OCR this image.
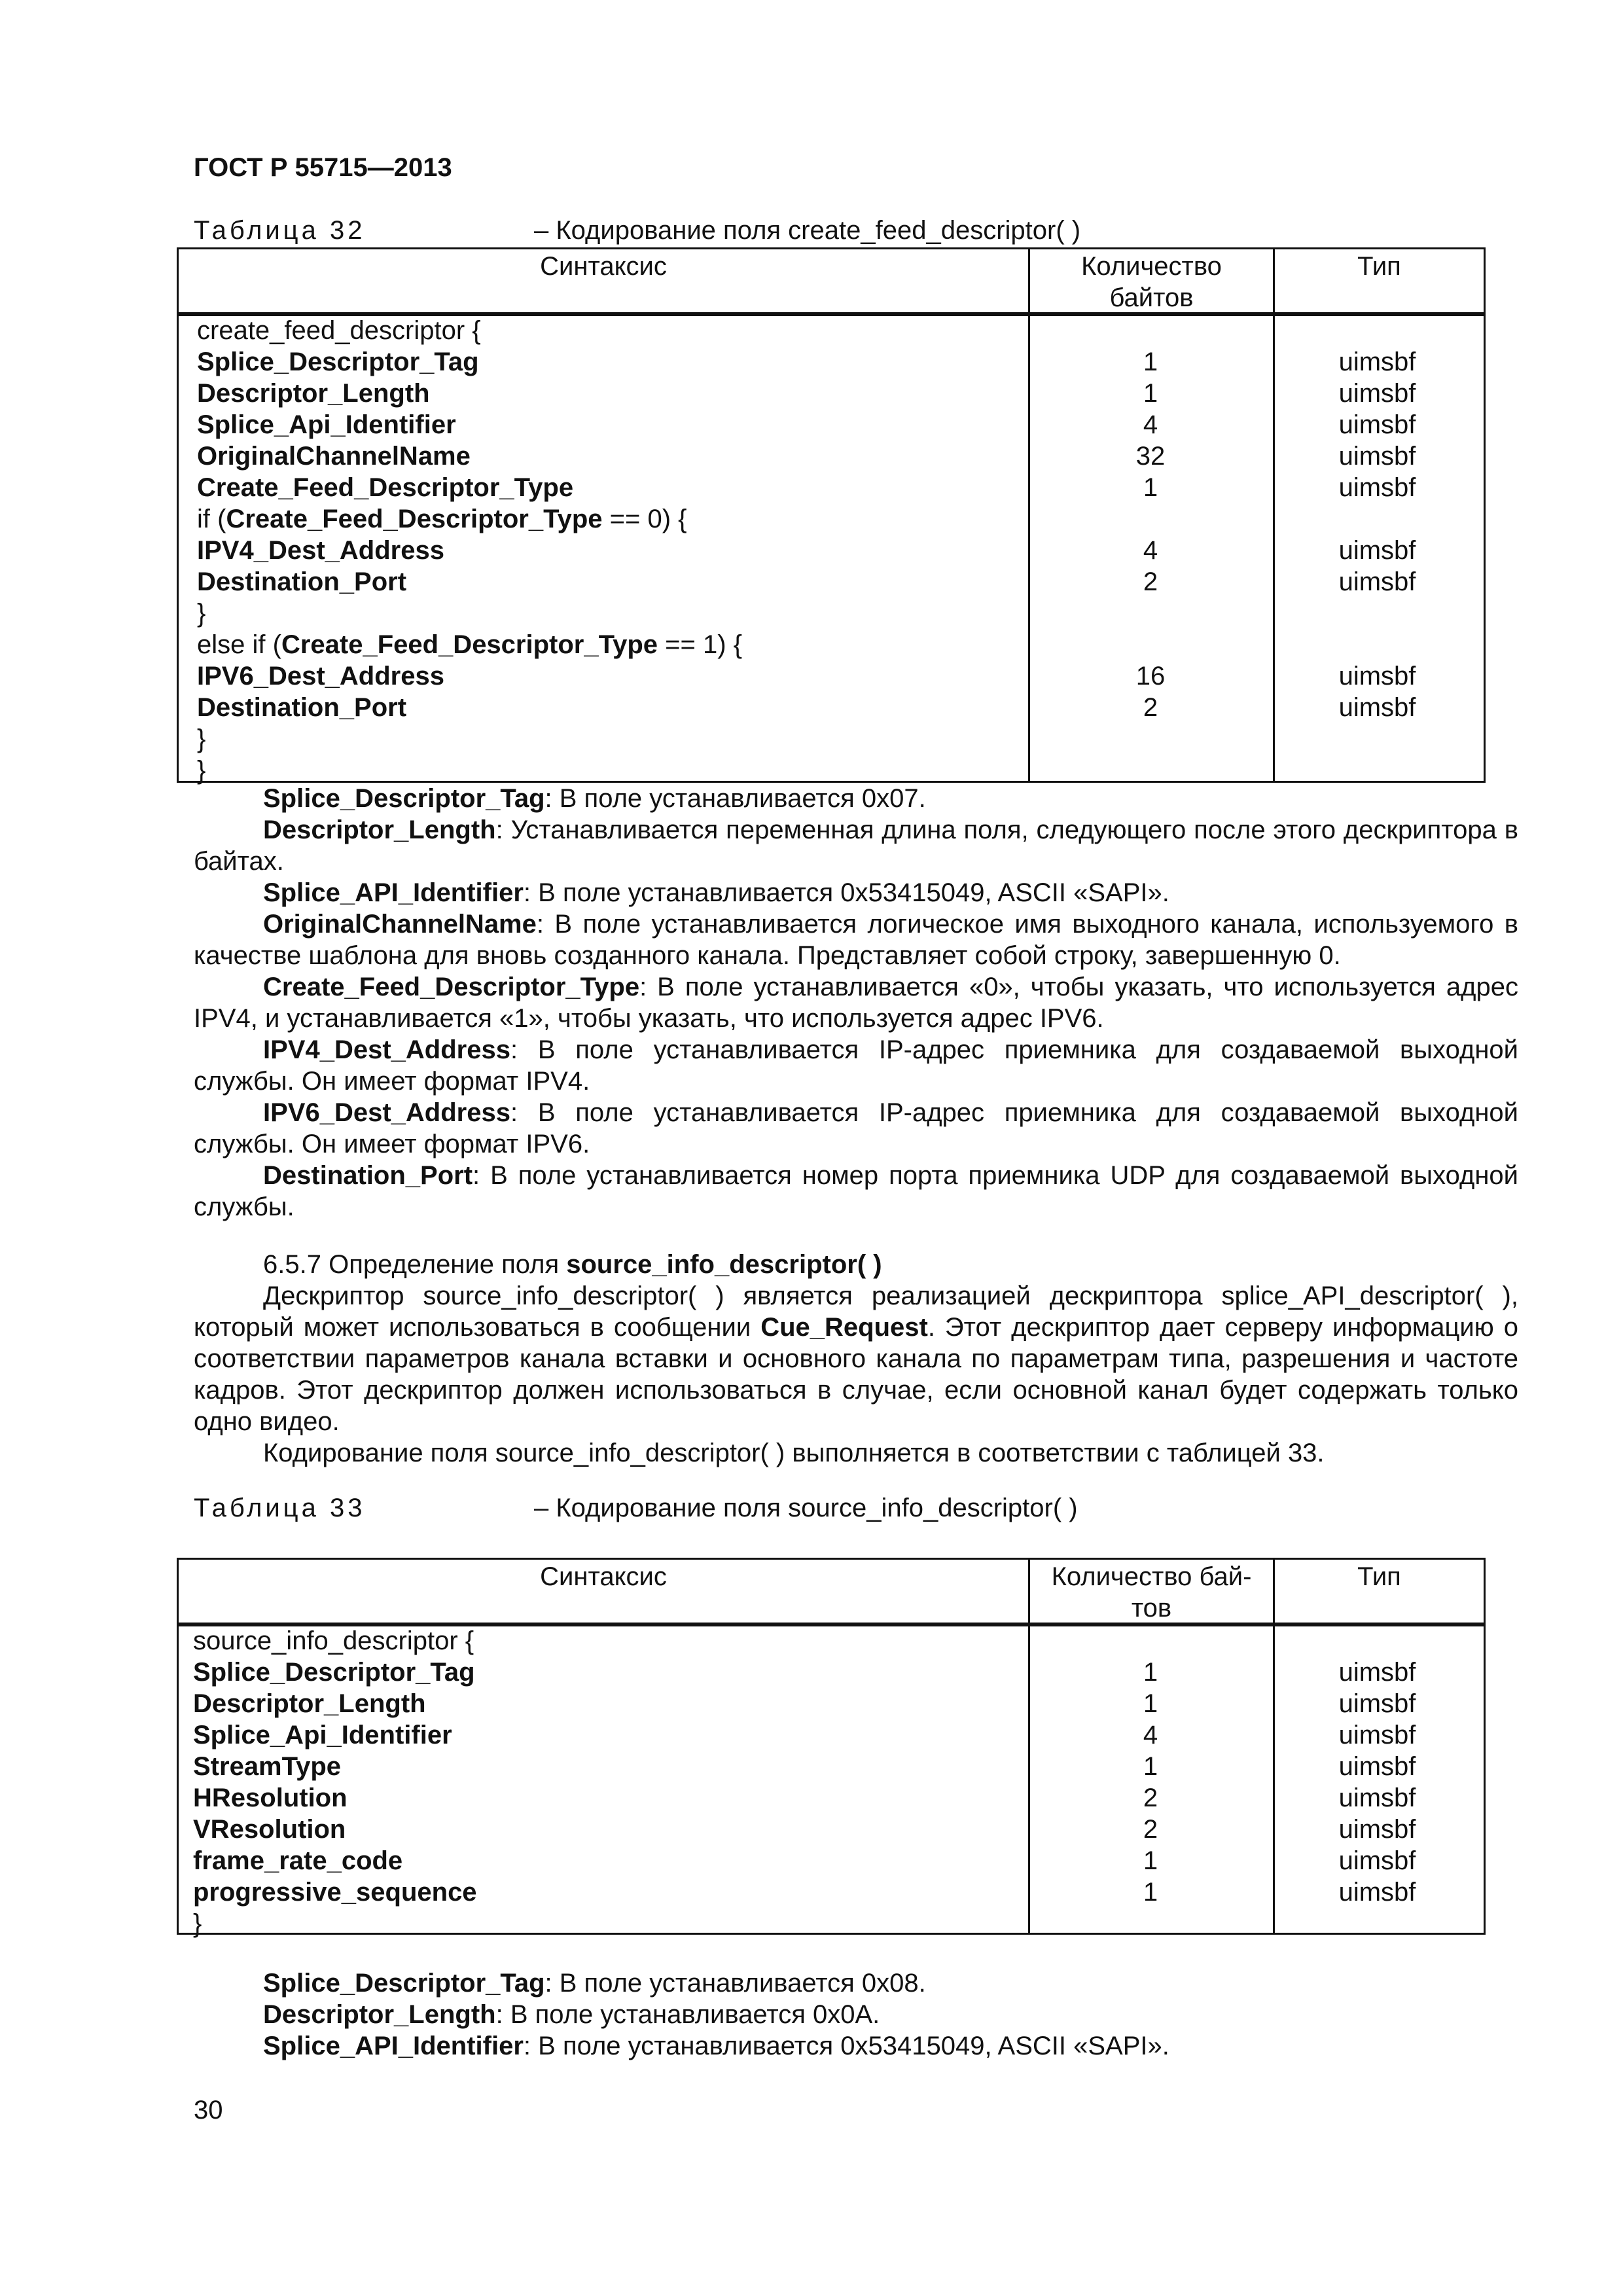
ГОСТ Р 55715—2013
Таблица 32	– Кодирование поля create_feed_descriptor( )
Синтаксис	Количество
байтов
Тип
create_feed_descriptor {
Splice_Descriptor_Tag	1	uimsbf
Descriptor_Length	1	uimsbf
Splice_Api_Identifier	4	uimsbf
OriginalChannelName	32	uimsbf
Create_Feed_Descriptor_Type	1	uimsbf
if (Create_Feed_Descriptor_Type == 0) {
IPV4_Dest_Address	4	uimsbf
Destination_Port	2	uimsbf
}
else if (Create_Feed_Descriptor_Type == 1) {
IPV6_Dest_Address	16	uimsbf
Destination_Port	2	uimsbf
}
}

Splice_Descriptor_Tag: В поле устанавливается 0x07.

Descriptor_Length: Устанавливается переменная длина поля, следующего после этого дескриптора в байтах.

Splice_API_Identifier: В поле устанавливается 0x53415049, ASCII «SAPI».

OriginalChannelName: В поле устанавливается логическое имя выходного канала, используемого в качестве шаблона для вновь созданного канала. Представляет собой строку, завершенную 0.

Create_Feed_Descriptor_Type: В поле устанавливается «0», чтобы указать, что используется адрес IPV4, и устанавливается «1», чтобы указать, что используется адрес IPV6.

IPV4_Dest_Address: В поле устанавливается IP-адрес приемника для создаваемой выходной службы. Он имеет формат IPV4.

IPV6_Dest_Address: В поле устанавливается IP-адрес приемника для создаваемой выходной службы. Он имеет формат IPV6.

Destination_Port: В поле устанавливается номер порта приемника UDP для создаваемой выходной службы.

6.5.7 Определение поля source_info_descriptor( )

Дескриптор source_info_descriptor( ) является реализацией дескриптора splice_API_descriptor( ), который может использоваться в сообщении Cue_Request. Этот дескриптор дает серверу информацию о соответствии параметров канала вставки и основного канала по параметрам типа, разрешения и частоте кадров. Этот дескриптор должен использоваться в случае, если основной канал будет содержать только одно видео.

Кодирование поля source_info_descriptor( ) выполняется в соответствии с таблицей 33.

Таблица 33	– Кодирование поля source_info_descriptor( )
Синтаксис	Количество бай-
тов
Тип
source_info_descriptor {
Splice_Descriptor_Tag	1	uimsbf
Descriptor_Length	1	uimsbf
Splice_Api_Identifier	4	uimsbf
StreamType	1	uimsbf
HResolution	2	uimsbf
VResolution	2	uimsbf
frame_rate_code	1	uimsbf
progressive_sequence	1	uimsbf
}

Splice_Descriptor_Tag: В поле устанавливается 0x08.

Descriptor_Length: В поле устанавливается 0x0A.

Splice_API_Identifier: В поле устанавливается 0x53415049, ASCII «SAPI».

30
